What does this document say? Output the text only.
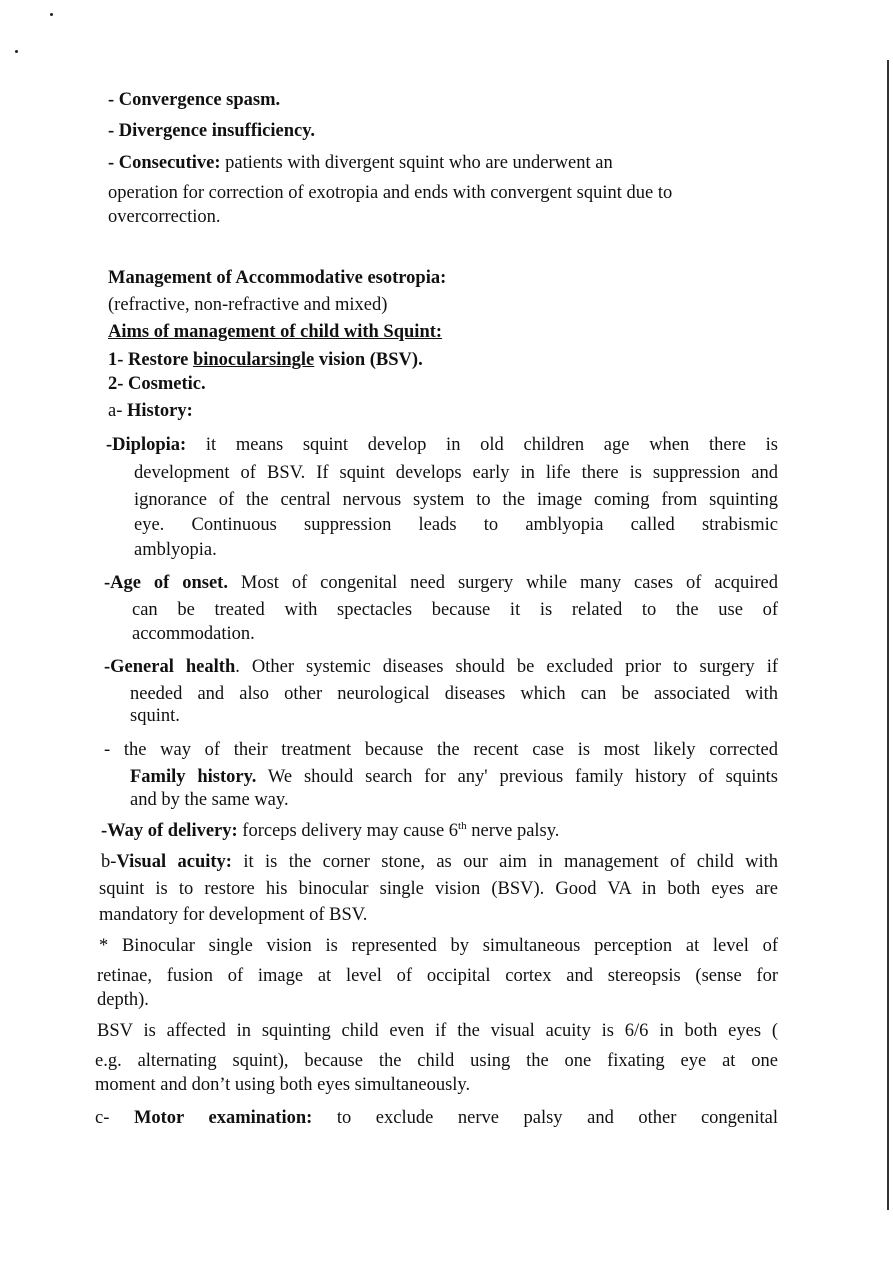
- Convergence spasm.
- Divergence insufficiency.
- Consecutive: patients with divergent squint who are underwent an
operation for correction of exotropia and ends with convergent squint due to
overcorrection.
Management of Accommodative esotropia:
(refractive, non-refractive and mixed)
Aims of management of child with Squint:
1- Restore binocularsingle vision (BSV).
2- Cosmetic.
a- History:
-Diplopia: it means squint develop in old children age when there is
development of BSV. If squint develops early in life there is suppression and
ignorance of the central nervous system to the image coming from squinting
eye. Continuous suppression leads to amblyopia called strabismic
amblyopia.
-Age of onset. Most of congenital need surgery while many cases of acquired
can be treated with spectacles because it is related to the use of
accommodation.
-General health. Other systemic diseases should be excluded prior to surgery if
needed and also other neurological diseases which can be associated with
squint.
- the way of their treatment because the recent case is most likely corrected
Family history. We should search for any' previous family history of squints
and by the same way.
-Way of delivery: forceps delivery may cause 6th nerve palsy.
b-Visual acuity: it is the corner stone, as our aim in management of child with
squint is to restore his binocular single vision (BSV). Good VA in both eyes are
mandatory for development of BSV.
* Binocular single vision is represented by simultaneous perception at level of
retinae, fusion of image at level of occipital cortex and stereopsis (sense for
depth).
BSV is affected in squinting child even if the visual acuity is 6/6 in both eyes (
e.g. alternating squint), because the child using the one fixating eye at one
moment and don’t using both eyes simultaneously.
c- Motor examination: to exclude nerve palsy and other congenital
